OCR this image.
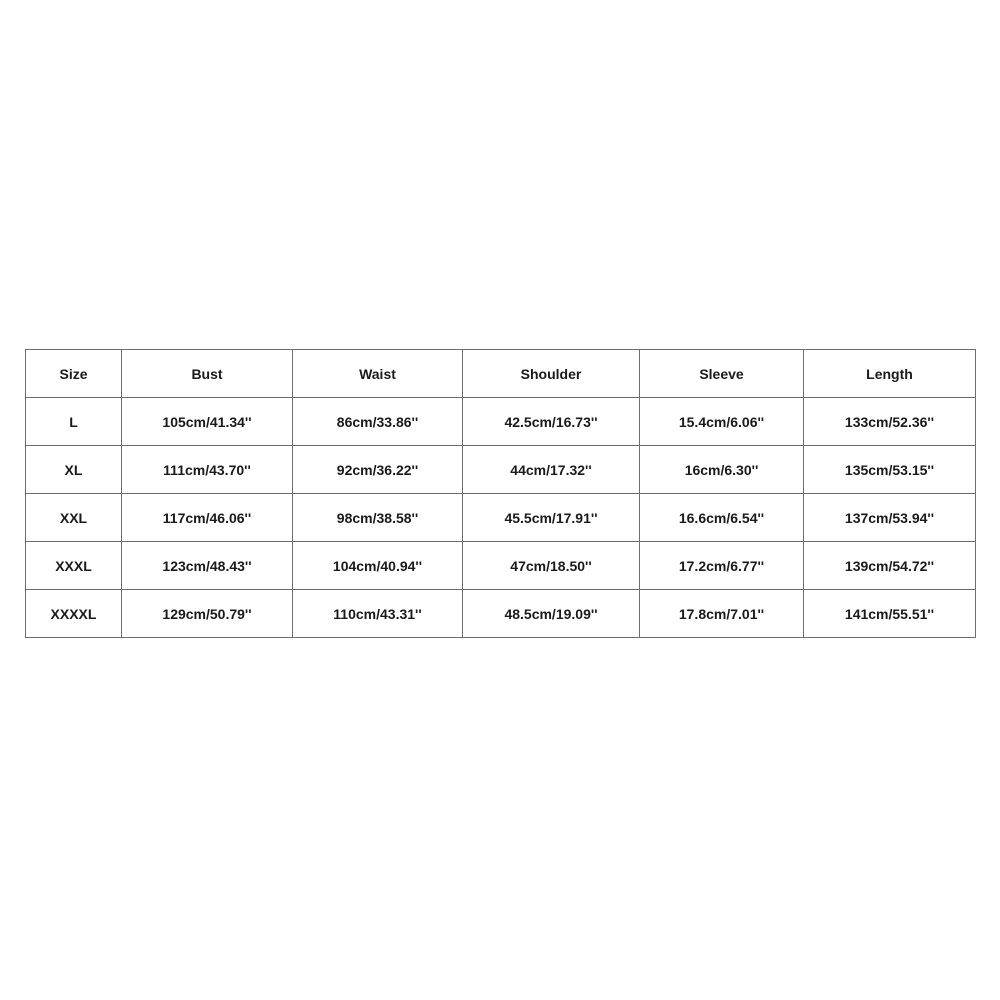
Size	Bust	Waist	Shoulder	Sleeve	Length
L	105cm/41.34''	86cm/33.86''	42.5cm/16.73''	15.4cm/6.06''	133cm/52.36''
XL	111cm/43.70''	92cm/36.22''	44cm/17.32''	16cm/6.30''	135cm/53.15''
XXL	117cm/46.06''	98cm/38.58''	45.5cm/17.91''	16.6cm/6.54''	137cm/53.94''
XXXL	123cm/48.43''	104cm/40.94''	47cm/18.50''	17.2cm/6.77''	139cm/54.72''
XXXXL	129cm/50.79''	110cm/43.31''	48.5cm/19.09''	17.8cm/7.01''	141cm/55.51''
